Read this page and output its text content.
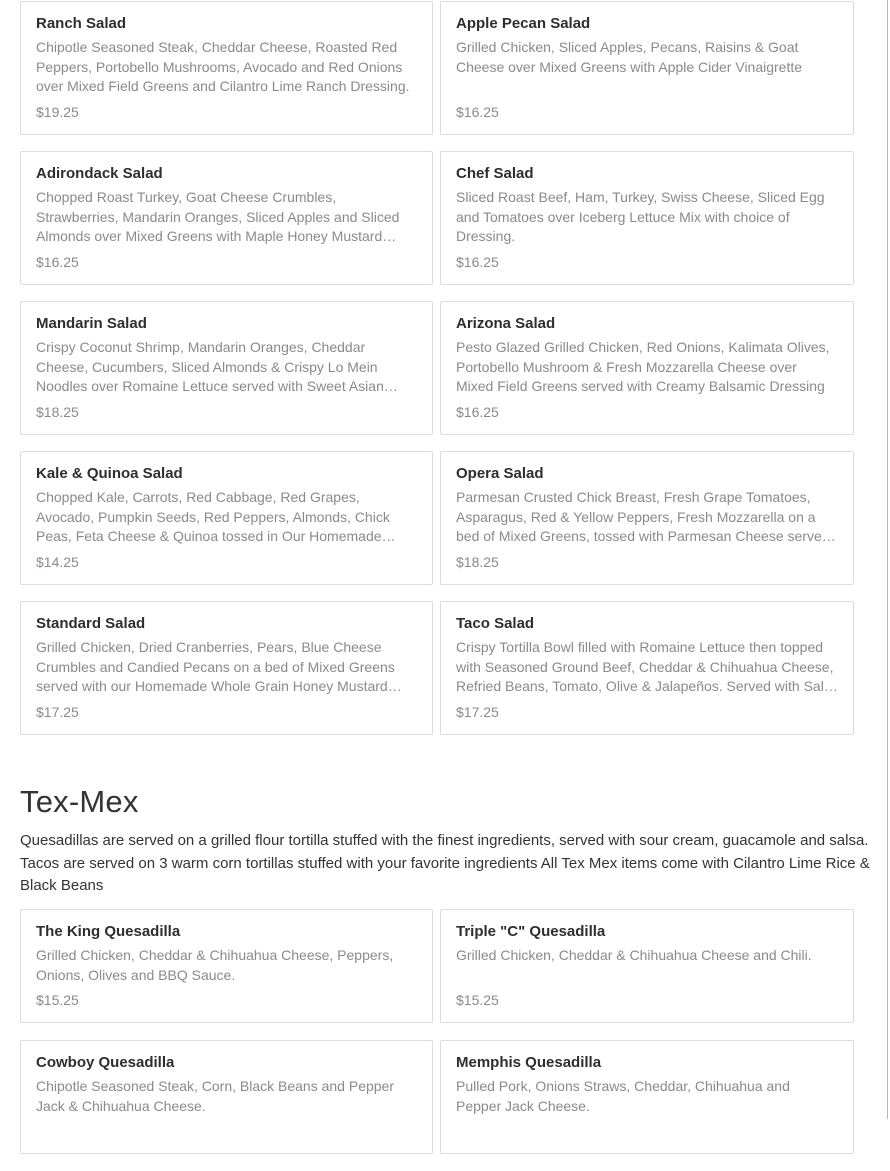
Ranch Salad
Chipotle Seasoned Steak, Cheddar Cheese, Roasted Red Peppers, Portobello Mushrooms, Avocado and Red Onions over Mixed Field Greens and Cilantro Lime Ranch Dressing.
$19.25
Apple Pecan Salad
Grilled Chicken, Sliced Apples, Pecans, Raisins & Goat Cheese over Mixed Greens with Apple Cider Vinaigrette
$16.25
Adirondack Salad
Chopped Roast Turkey, Goat Cheese Crumbles, Strawberries, Mandarin Oranges, Sliced Apples and Sliced Almonds over Mixed Greens with Maple Honey Mustard
$16.25
Chef Salad
Sliced Roast Beef, Ham, Turkey, Swiss Cheese, Sliced Egg and Tomatoes over Iceberg Lettuce Mix with choice of Dressing.
$16.25
Mandarin Salad
Crispy Coconut Shrimp, Mandarin Oranges, Cheddar Cheese, Cucumbers, Sliced Almonds & Crispy Lo Mein Noodles over Romaine Lettuce served with Sweet Asian
$18.25
Arizona Salad
Pesto Glazed Grilled Chicken, Red Onions, Kalimata Olives, Portobello Mushroom & Fresh Mozzarella Cheese over Mixed Field Greens served with Creamy Balsamic Dressing
$16.25
Kale & Quinoa Salad
Chopped Kale, Carrots, Red Cabbage, Red Grapes, Avocado, Pumpkin Seeds, Red Peppers, Almonds, Chick Peas, Feta Cheese & Quinoa tossed in Our Homemade
$14.25
Opera Salad
Parmesan Crusted Chick Breast, Fresh Grape Tomatoes, Asparagus, Red & Yellow Peppers, Fresh Mozzarella on a bed of Mixed Greens, tossed with Parmesan Cheese served
$18.25
Standard Salad
Grilled Chicken, Dried Cranberries, Pears, Blue Cheese Crumbles and Candied Pecans on a bed of Mixed Greens served with our Homemade Whole Grain Honey Mustard…
$17.25
Taco Salad
Crispy Tortilla Bowl filled with Romaine Lettuce then topped with Seasoned Ground Beef, Cheddar & Chihuahua Cheese, Refried Beans, Tomato, Olive & Jalapeños. Served with Sal…
$17.25
Tex-Mex

Quesadillas are served on a grilled flour tortilla stuffed with the finest ingredients, served with sour cream, guacamole and salsa. Tacos are served on 3 warm corn tortillas stuffed with your favorite ingredients All Tex Mex items come with Cilantro Lime Rice & Black Beans

The King Quesadilla
Grilled Chicken, Cheddar & Chihuahua Cheese, Peppers, Onions, Olives and BBQ Sauce.
$15.25
Triple "C" Quesadilla
Grilled Chicken, Cheddar & Chihuahua Cheese and Chili.
$15.25
Cowboy Quesadilla
Chipotle Seasoned Steak, Corn, Black Beans and Pepper Jack & Chihuahua Cheese.
Memphis Quesadilla
Pulled Pork, Onions Straws, Cheddar, Chihuahua and Pepper Jack Cheese.
